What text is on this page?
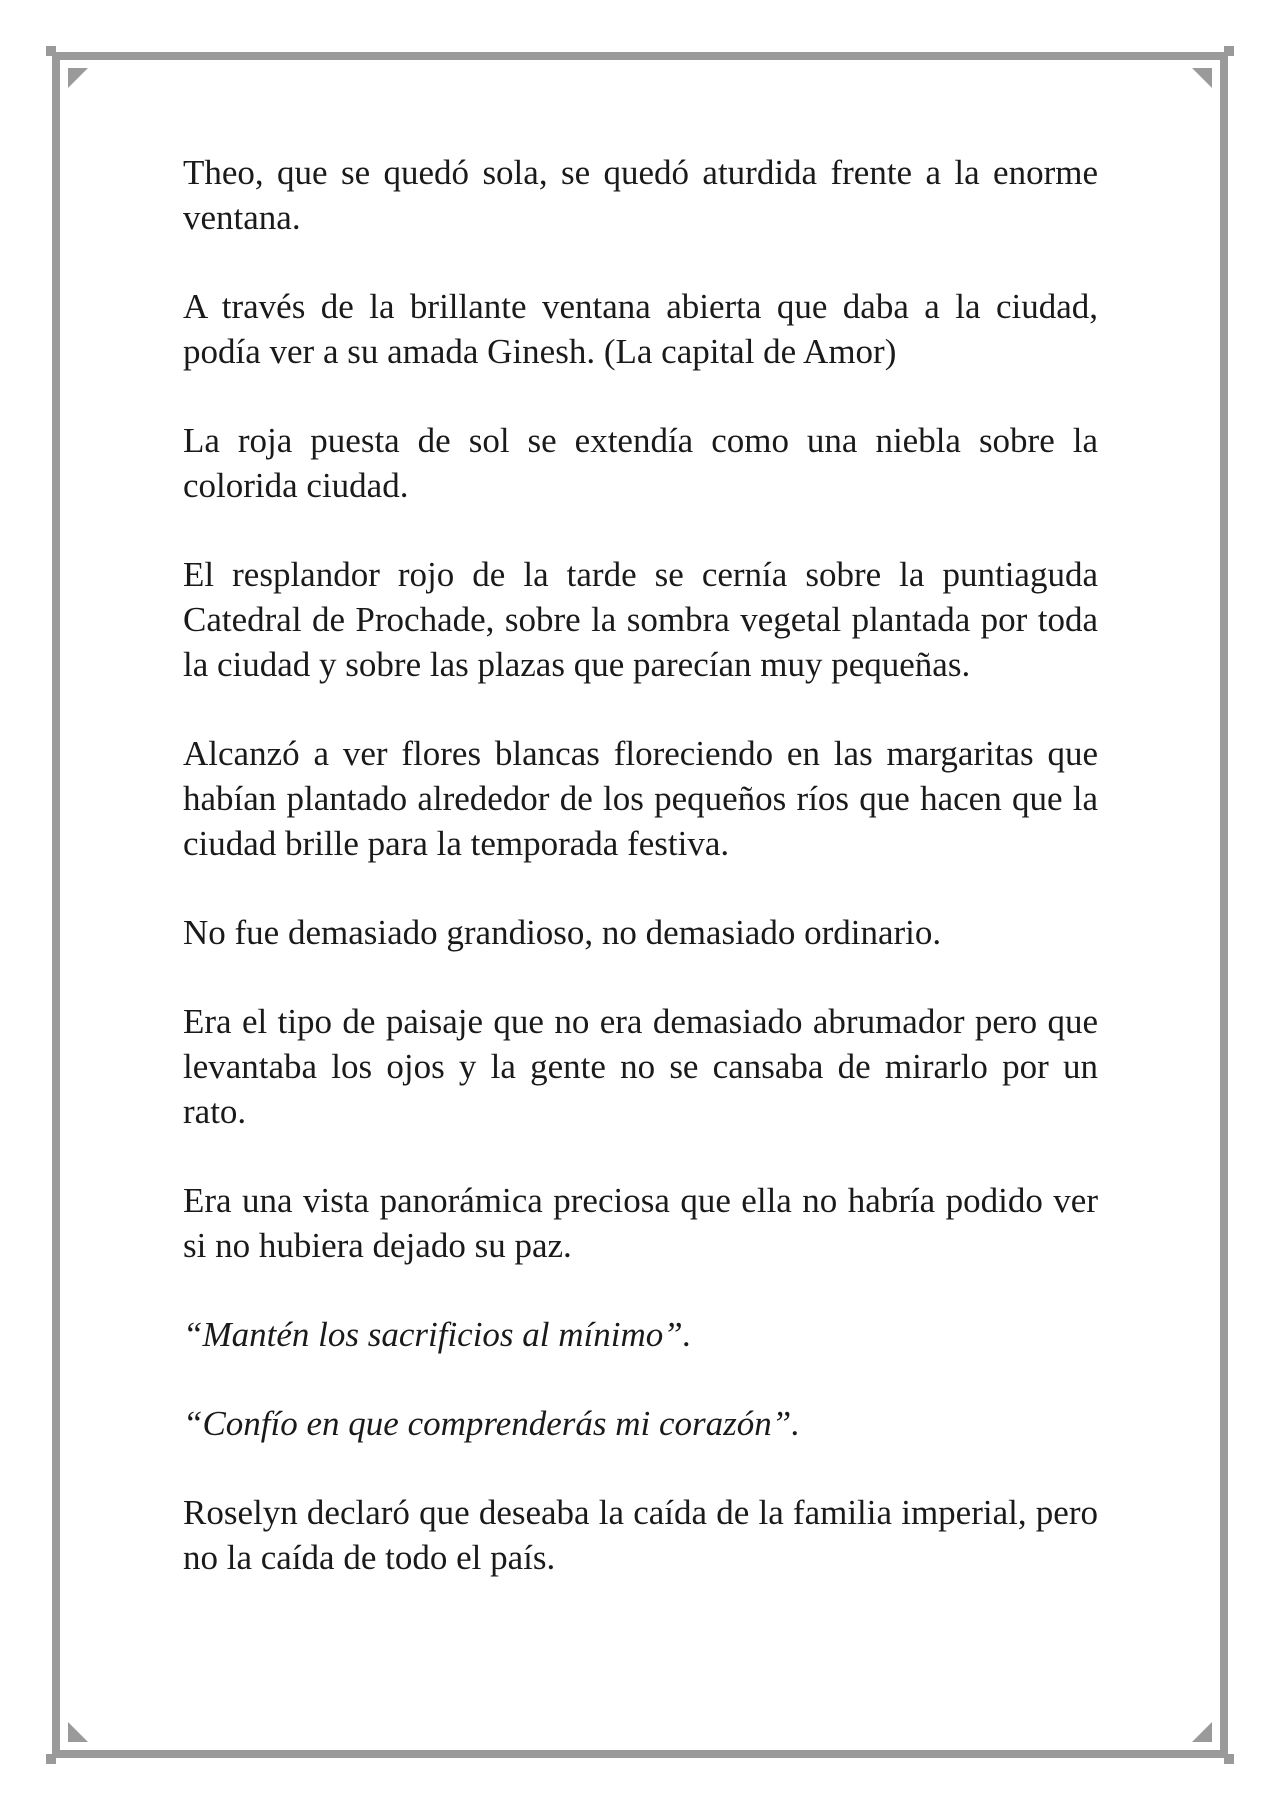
Theo, que se quedó sola, se quedó aturdida frente a la enorme ventana.

A través de la brillante ventana abierta que daba a la ciudad, podía ver a su amada Ginesh. (La capital de Amor)

La roja puesta de sol se extendía como una niebla sobre la colorida ciudad.

El resplandor rojo de la tarde se cernía sobre la puntiaguda Catedral de Prochade, sobre la sombra vegetal plantada por toda la ciudad y sobre las plazas que parecían muy pequeñas.

Alcanzó a ver flores blancas floreciendo en las margaritas que habían plantado alrededor de los pequeños ríos que hacen que la ciudad brille para la temporada festiva.

No fue demasiado grandioso, no demasiado ordinario.

Era el tipo de paisaje que no era demasiado abrumador pero que levantaba los ojos y la gente no se cansaba de mirarlo por un rato.

Era una vista panorámica preciosa que ella no habría podido ver si no hubiera dejado su paz.

“Mantén los sacrificios al mínimo”.

“Confío en que comprenderás mi corazón”.

Roselyn declaró que deseaba la caída de la familia imperial, pero no la caída de todo el país.
